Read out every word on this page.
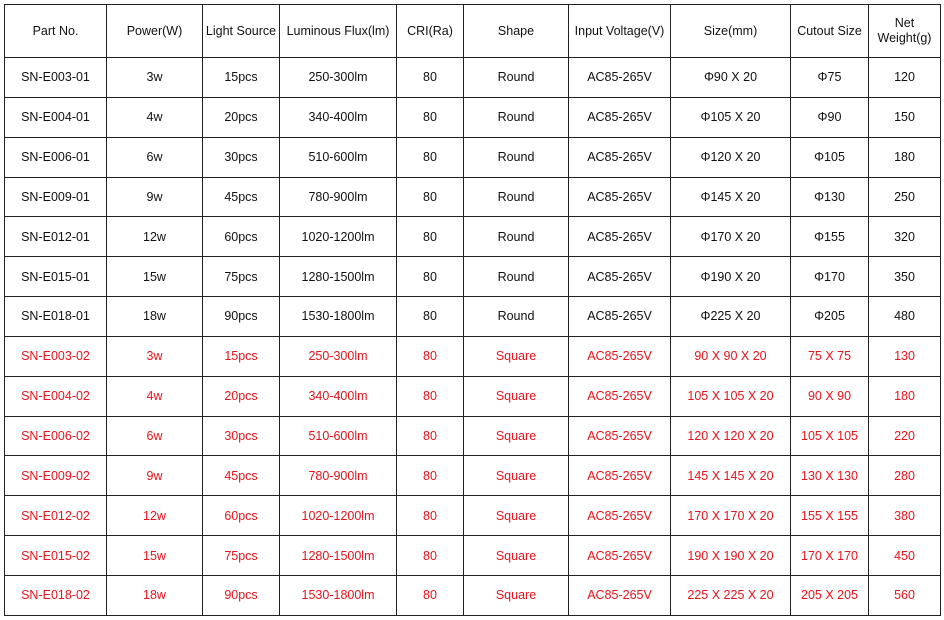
Part No.	Power(W)	Light Source	Luminous Flux(lm)	CRI(Ra)	Shape	Input Voltage(V)	Size(mm)	Cutout Size	Net Weight(g)
SN-E003-01	3w	15pcs	250-300lm	80	Round	AC85-265V	Φ90 X 20	Φ75	120
SN-E004-01	4w	20pcs	340-400lm	80	Round	AC85-265V	Φ105 X 20	Φ90	150
SN-E006-01	6w	30pcs	510-600lm	80	Round	AC85-265V	Φ120 X 20	Φ105	180
SN-E009-01	9w	45pcs	780-900lm	80	Round	AC85-265V	Φ145 X 20	Φ130	250
SN-E012-01	12w	60pcs	1020-1200lm	80	Round	AC85-265V	Φ170 X 20	Φ155	320
SN-E015-01	15w	75pcs	1280-1500lm	80	Round	AC85-265V	Φ190 X 20	Φ170	350
SN-E018-01	18w	90pcs	1530-1800lm	80	Round	AC85-265V	Φ225 X 20	Φ205	480
SN-E003-02	3w	15pcs	250-300lm	80	Square	AC85-265V	90 X 90 X 20	75 X 75	130
SN-E004-02	4w	20pcs	340-400lm	80	Square	AC85-265V	105 X 105 X 20	90 X 90	180
SN-E006-02	6w	30pcs	510-600lm	80	Square	AC85-265V	120 X 120 X 20	105 X 105	220
SN-E009-02	9w	45pcs	780-900lm	80	Square	AC85-265V	145 X 145 X 20	130 X 130	280
SN-E012-02	12w	60pcs	1020-1200lm	80	Square	AC85-265V	170 X 170 X 20	155 X 155	380
SN-E015-02	15w	75pcs	1280-1500lm	80	Square	AC85-265V	190 X 190 X 20	170 X 170	450
SN-E018-02	18w	90pcs	1530-1800lm	80	Square	AC85-265V	225 X 225 X 20	205 X 205	560
